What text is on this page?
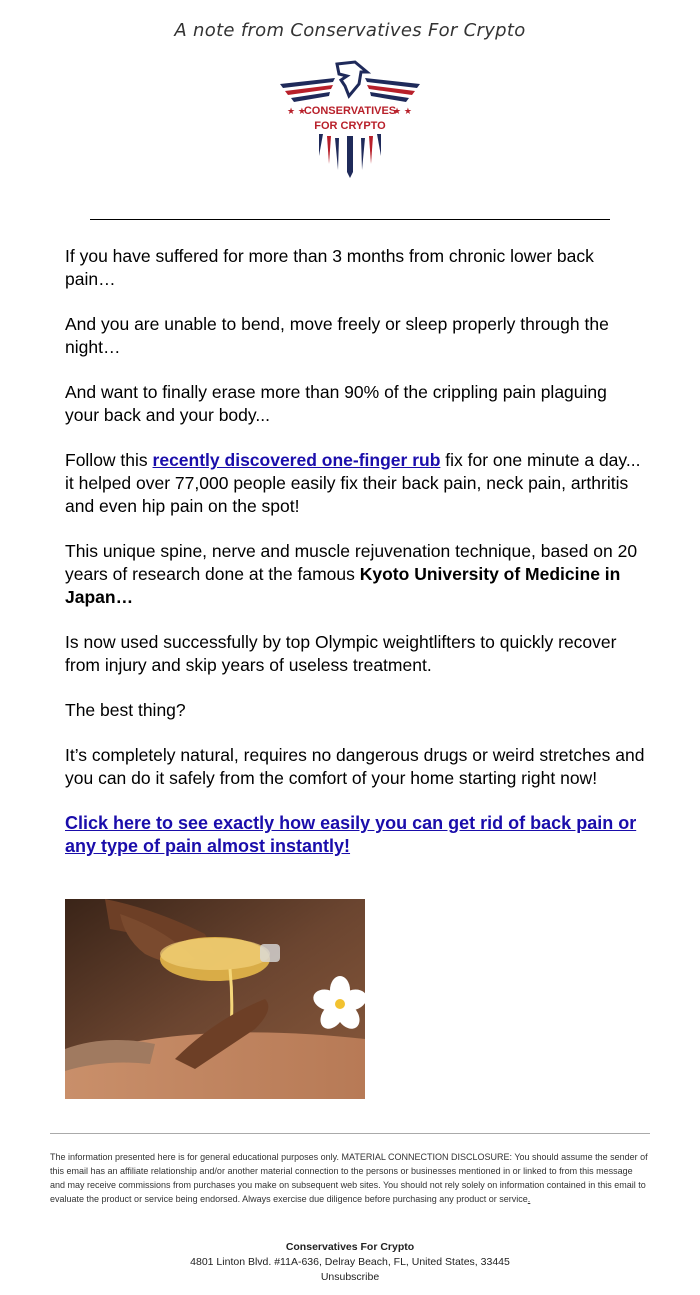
A note from Conservatives For Crypto
★ ★	★ ★
CONSERVATIVES
FOR CRYPTO

If you have suffered for more than 3 months from chronic lower back pain…

And you are unable to bend, move freely or sleep properly through the night…

And want to finally erase more than 90% of the crippling pain plaguing your back and your body...

Follow this recently discovered one-finger rub fix for one minute a day... it helped over 77,000 people easily fix their back pain, neck pain, arthritis and even hip pain on the spot!

This unique spine, nerve and muscle rejuvenation technique, based on 20 years of research done at the famous Kyoto University of Medicine in Japan…

Is now used successfully by top Olympic weightlifters to quickly recover from injury and skip years of useless treatment.

The best thing?

It’s completely natural, requires no dangerous drugs or weird stretches and you can do it safely from the comfort of your home starting right now!

Click here to see exactly how easily you can get rid of back pain or any type of pain almost instantly!

The information presented here is for general educational purposes only. MATERIAL CONNECTION DISCLOSURE: You should assume the sender of this email has an affiliate relationship and/or another material connection to the persons or businesses mentioned in or linked to from this message and may receive commissions from purchases you make on subsequent web sites. You should not rely solely on information contained in this email to evaluate the product or service being endorsed. Always exercise due diligence before purchasing any product or service.
Conservatives For Crypto
4801 Linton Blvd. #11A-636, Delray Beach, FL, United States, 33445
Unsubscribe
